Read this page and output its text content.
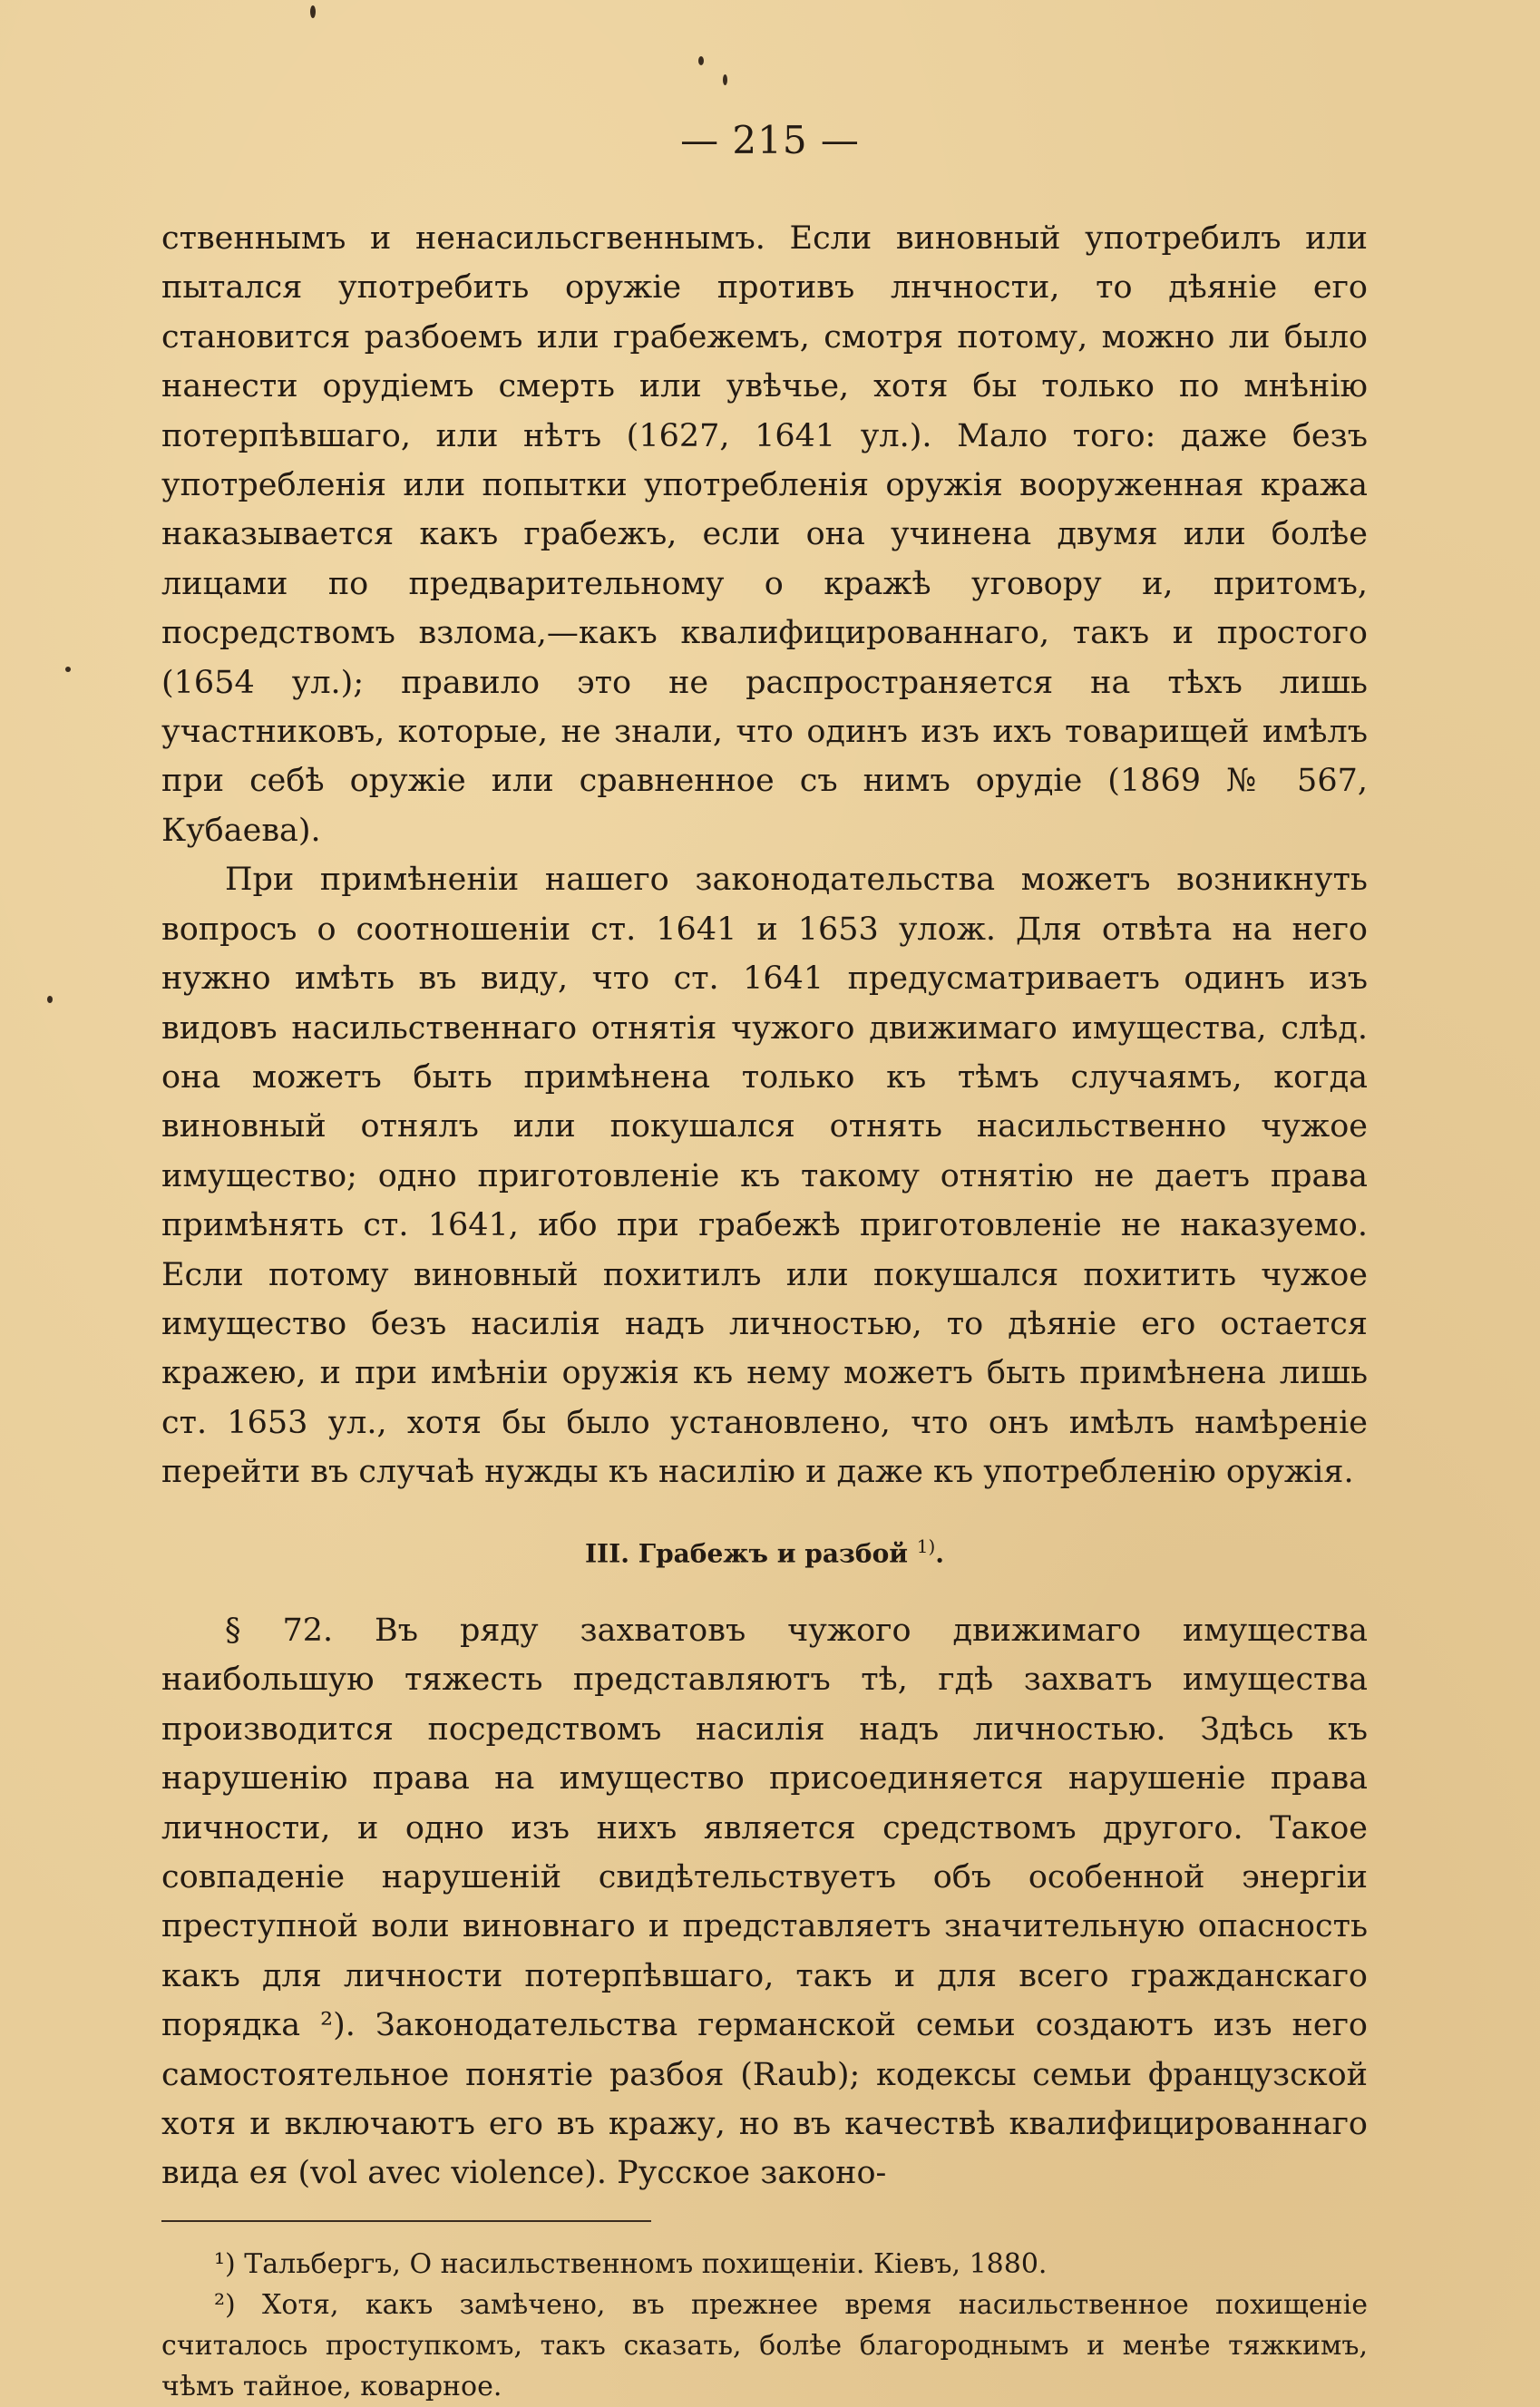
— 215 —

ственнымъ и ненасильсгвеннымъ. Если виновный употребилъ или пытался употребить оружіе противъ лнчности, то дѣяніе его становится разбоемъ или грабежемъ, смотря потому, можно ли было нанести орудіемъ смерть или увѣчье, хотя бы только по мнѣнію потерпѣвшаго, или нѣтъ (1627, 1641 ул.). Мало того: даже безъ употребленія или попытки употребленія оружія вооруженная кража наказывается какъ грабежъ, если она учинена двумя или болѣе лицами по предварительному о кражѣ уговору и, притомъ, посредствомъ взлома,—какъ квалифицированнаго, такъ и простого (1654 ул.); правило это не распространяется на тѣхъ лишь участниковъ, которые, не знали, что одинъ изъ ихъ товарищей имѣлъ при себѣ оружіе или сравненное съ нимъ орудіе (1869 № 567, Кубаева).

При примѣненіи нашего законодательства можетъ возникнуть вопросъ о соотношеніи ст. 1641 и 1653 улож. Для отвѣта на него нужно имѣть въ виду, что ст. 1641 предусматриваетъ одинъ изъ видовъ насильственнаго отнятія чужого движимаго имущества, слѣд. она можетъ быть примѣнена только къ тѣмъ случаямъ, когда виновный отнялъ или покушался отнять насильственно чужое имущество; одно приготовленіе къ такому отнятію не даетъ права примѣнять ст. 1641, ибо при грабежѣ приготовленіе не наказуемо. Если потому виновный похитилъ или покушался похитить чужое имущество безъ насилія надъ личностью, то дѣяніе его остается кражею, и при имѣніи оружія къ нему можетъ быть примѣнена лишь ст. 1653 ул., хотя бы было установлено, что онъ имѣлъ намѣреніе перейти въ случаѣ нужды къ насилію и даже къ употребленію оружія.

III. Грабежъ и разбой $^{1)}$.

§ 72. Въ ряду захватовъ чужого движимаго имущества наибольшую тяжесть представляютъ тѣ, гдѣ захватъ имущества производится посредствомъ насилія надъ личностью. Здѣсь къ нарушенію права на имущество присоединяется нарушеніе права личности, и одно изъ нихъ является средствомъ другого. Такое совпаденіе нарушеній свидѣтельствуетъ объ особенной энергіи преступной воли виновнаго и представляетъ значительную опасность какъ для личности потерпѣвшаго, такъ и для всего гражданскаго порядка ²). Законодательства германской семьи создаютъ изъ него самостоятельное понятіе разбоя (Raub); кодексы семьи французской хотя и включаютъ его въ кражу, но въ качествѣ квалифицированнаго вида ея (vol avec violence). Русское законо-

¹) Тальбергъ, О насильственномъ похищеніи. Кіевъ, 1880.

²) Хотя, какъ замѣчено, въ прежнее время насильственное похищеніе считалось проступкомъ, такъ сказать, болѣе благороднымъ и менѣе тяжкимъ, чѣмъ тайное, коварное.
